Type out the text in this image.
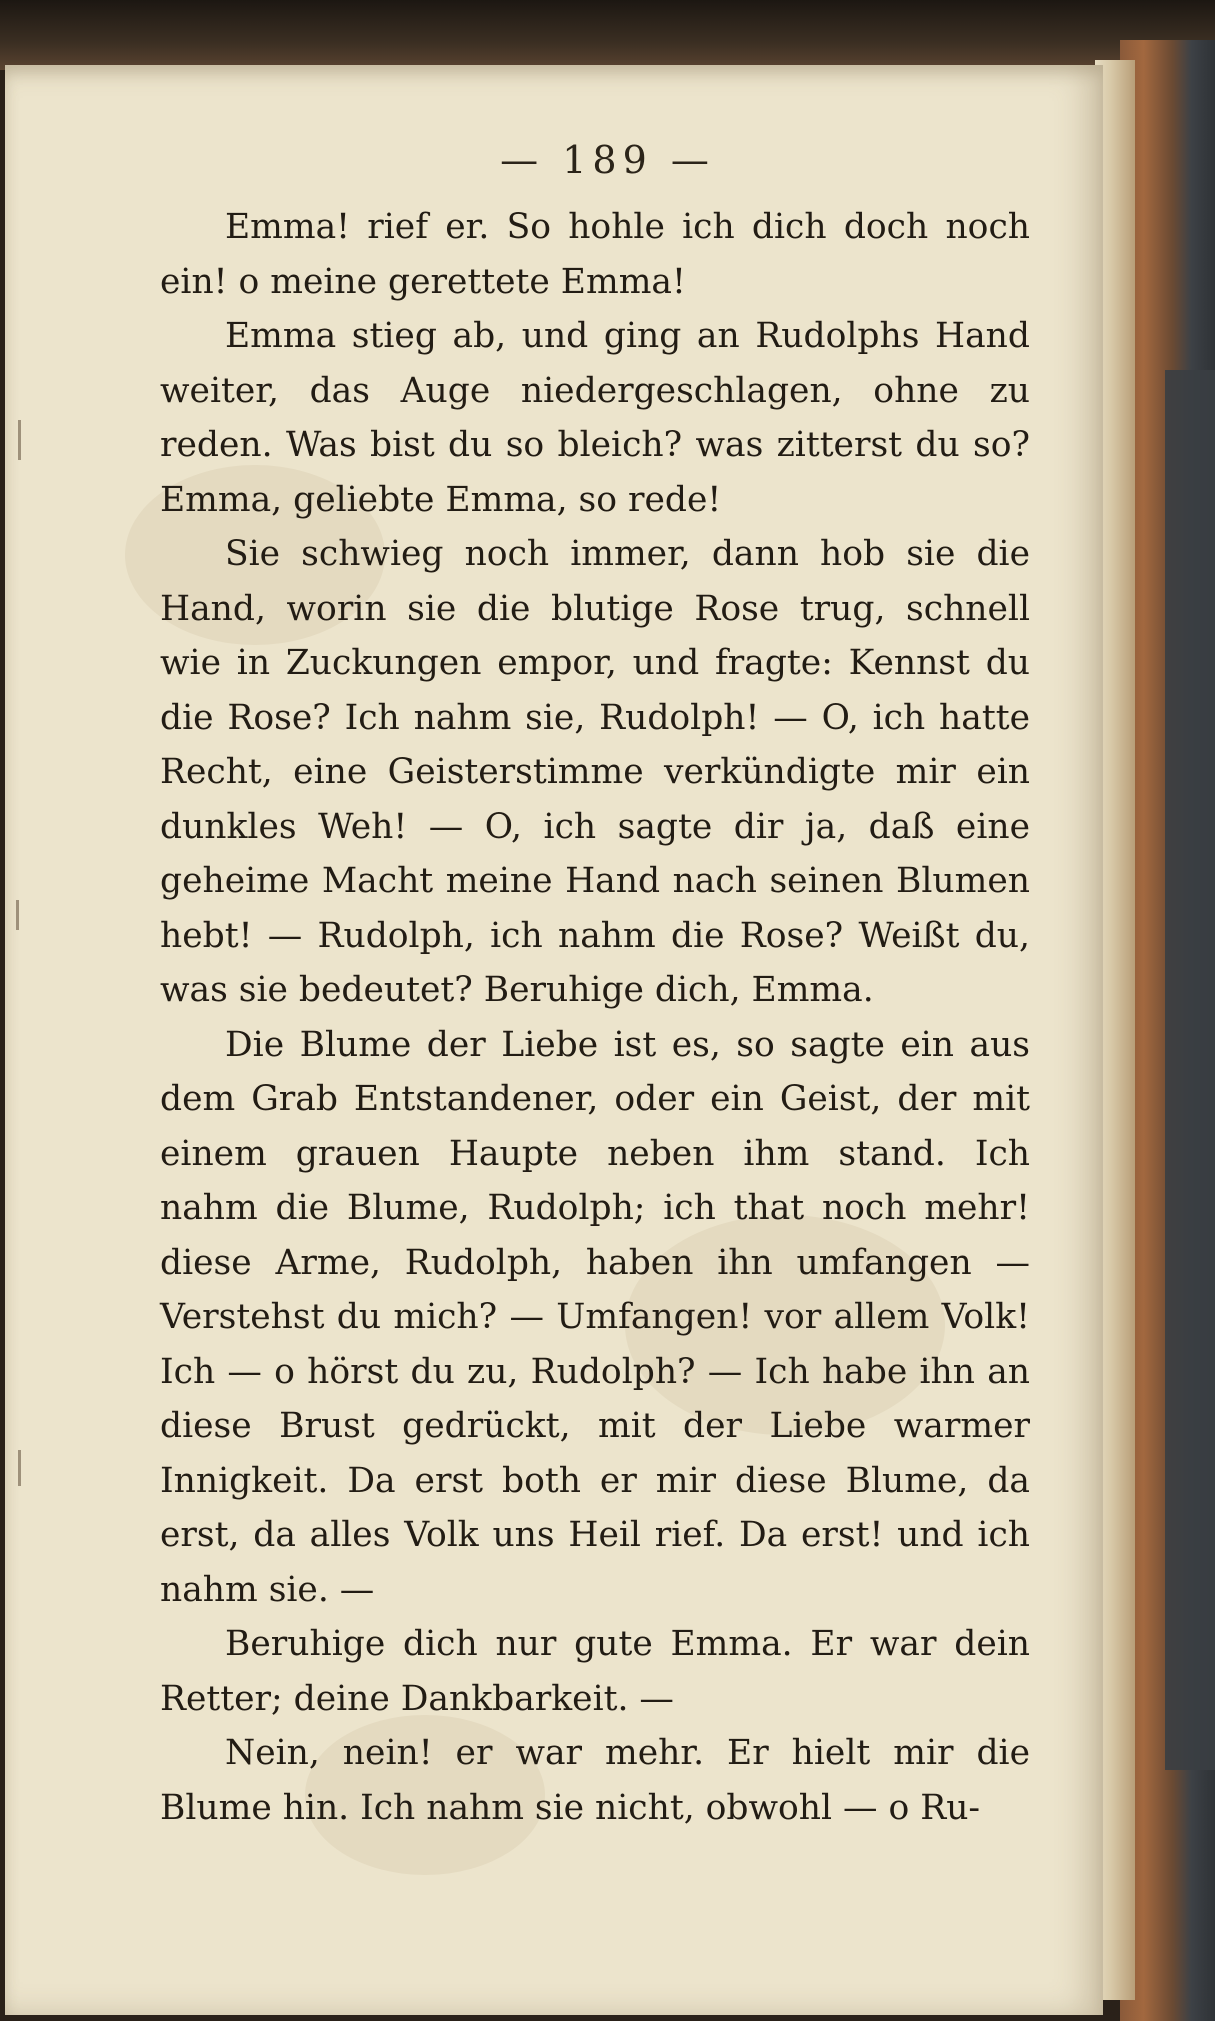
— 189 —

Emma! rief er. So hohle ich dich doch noch ein! o meine gerettete Emma!

Emma stieg ab, und ging an Rudolphs Hand weiter, das Auge niedergeschlagen, ohne zu reden. Was bist du so bleich? was zitterst du so? Emma, geliebte Emma, so rede!

Sie schwieg noch immer, dann hob sie die Hand, worin sie die blutige Rose trug, schnell wie in Zuckungen empor, und fragte: Kennst du die Rose? Ich nahm sie, Rudolph! — O, ich hatte Recht, eine Geisterstimme verkündigte mir ein dunkles Weh! — O, ich sagte dir ja, daß eine geheime Macht meine Hand nach seinen Blumen hebt! — Rudolph, ich nahm die Rose? Weißt du, was sie bedeutet? Beruhige dich, Emma.

Die Blume der Liebe ist es, so sagte ein aus dem Grab Entstandener, oder ein Geist, der mit einem grauen Haupte neben ihm stand. Ich nahm die Blume, Rudolph; ich that noch mehr! diese Arme, Rudolph, haben ihn umfangen — Verstehst du mich? — Umfangen! vor allem Volk! Ich — o hörst du zu, Rudolph? — Ich habe ihn an diese Brust gedrückt, mit der Liebe warmer Innigkeit. Da erst both er mir diese Blume, da erst, da alles Volk uns Heil rief. Da erst! und ich nahm sie. —

Beruhige dich nur gute Emma. Er war dein Retter; deine Dankbarkeit. —

Nein, nein! er war mehr. Er hielt mir die Blume hin. Ich nahm sie nicht, obwohl — o Ru-
